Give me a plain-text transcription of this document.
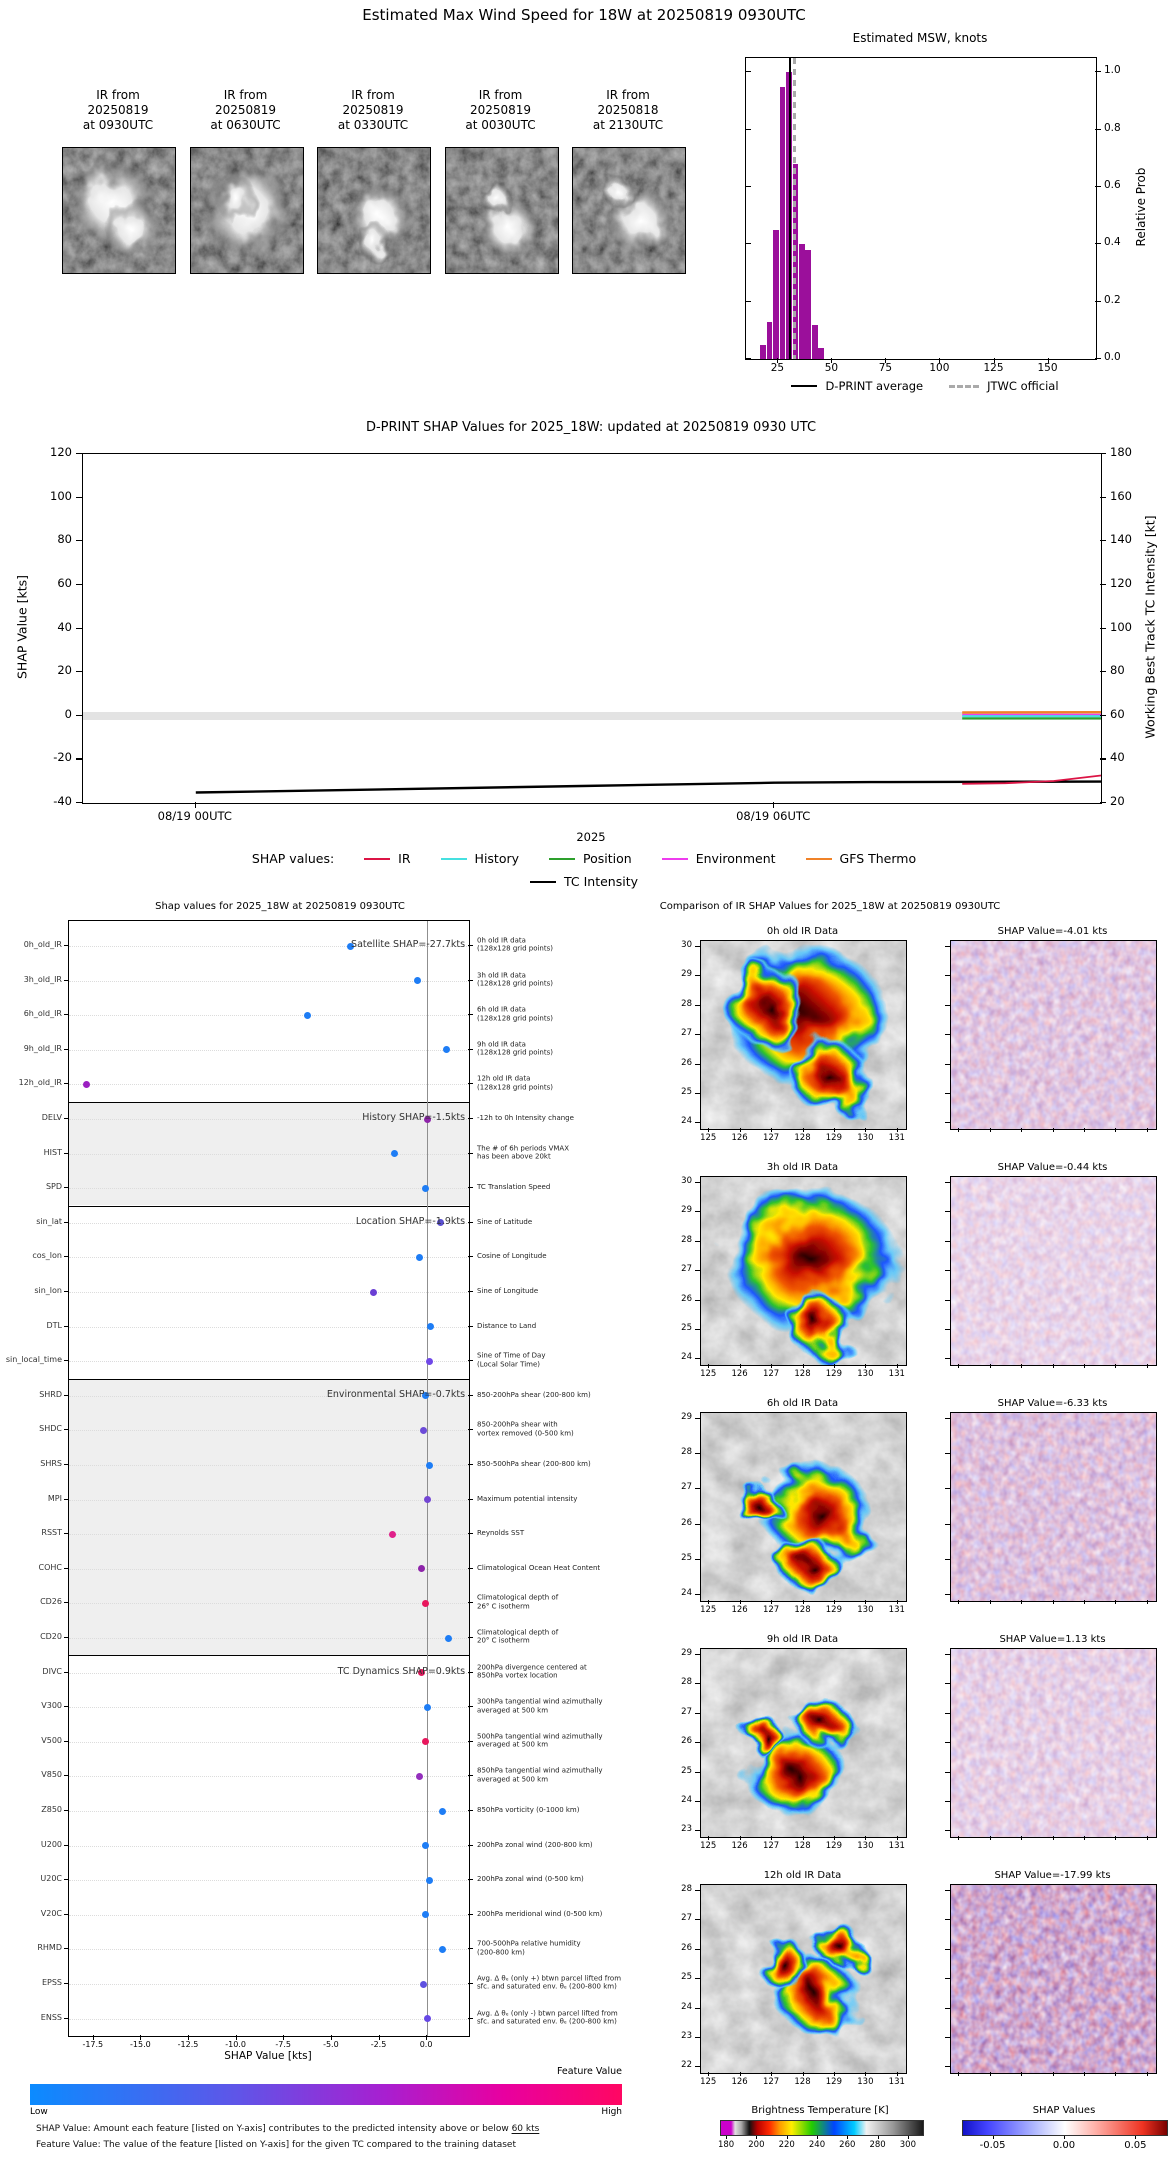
Estimated Max Wind Speed for 18W at 20250819 0930UTC
Estimated MSW, knots
Relative Prob
D-PRINT average	JTWC official
D-PRINT SHAP Values for 2025_18W: updated at 20250819 0930 UTC
SHAP Value [kts]	Working Best Track TC Intensity [kt]
2025
SHAP values:	IR	History	Position	Environment	GFS Thermo
TC Intensity
Shap values for 2025_18W at 20250819 0930UTC
Satellite SHAP=-27.7kts
History SHAP=-1.5kts
Location SHAP=-1.9kts
Environmental SHAP=-0.7kts
TC Dynamics SHAP=0.9kts
SHAP Value [kts]
Feature Value
Low	High
SHAP Value: Amount each feature [listed on Y-axis] contributes to the predicted intensity above or below 60 kts
Feature Value: The value of the feature [listed on Y-axis] for the given TC compared to the training dataset
Comparison of IR SHAP Values for 2025_18W at 20250819 0930UTC
Brightness Temperature [K]	SHAP Values
IR from
20250819
at 0930UTC
IR from
20250819
at 0630UTC
IR from
20250819
at 0330UTC
IR from
20250819
at 0030UTC
IR from
20250818
at 2130UTC
0.0
0.2
0.4
0.6
0.8
1.0
25	50	75	100	125	150
120	180
100	160
80	140
60	120
40	100
20	80
0	60
-20	40
-40	20
08/19 00UTC	08/19 06UTC
0h_old_IR	0h old IR data
(128x128 grid points)
3h_old_IR	3h old IR data
(128x128 grid points)
6h_old_IR	6h old IR data
(128x128 grid points)
9h_old_IR	9h old IR data
(128x128 grid points)
12h_old_IR	12h old IR data
(128x128 grid points)
DELV	-12h to 0h Intensity change
HIST	The # of 6h periods VMAX
has been above 20kt
SPD	TC Translation Speed
sin_lat	Sine of Latitude
cos_lon	Cosine of Longitude
sin_lon	Sine of Longitude
DTL	Distance to Land
sin_local_time	Sine of Time of Day
(Local Solar Time)
SHRD	850-200hPa shear (200-800 km)
SHDC	850-200hPa shear with
vortex removed (0-500 km)
SHRS	850-500hPa shear (200-800 km)
MPI	Maximum potential intensity
RSST	Reynolds SST
COHC	Climatological Ocean Heat Content
CD26	Climatological depth of
26° C isotherm
CD20	Climatological depth of
20° C isotherm
DIVC	200hPa divergence centered at
850hPa vortex location
V300	300hPa tangential wind azimuthally
averaged at 500 km
V500	500hPa tangential wind azimuthally
averaged at 500 km
V850	850hPa tangential wind azimuthally
averaged at 500 km
Z850	850hPa vorticity (0-1000 km)
U200	200hPa zonal wind (200-800 km)
U20C	200hPa zonal wind (0-500 km)
V20C	200hPa meridional wind (0-500 km)
RHMD	700-500hPa relative humidity
(200-800 km)
EPSS	Avg. Δ θₑ (only +) btwn parcel lifted from
sfc. and saturated env. θₑ (200-800 km)
ENSS	Avg. Δ θₑ (only -) btwn parcel lifted from
sfc. and saturated env. θₑ (200-800 km)
-17.5	-15.0	-12.5	-10.0	-7.5	-5.0	-2.5	0.0
0h old IR Data	SHAP Value=-4.01 kts
30
29
28
27
26
25
24
125	126	127	128	129	130	131
3h old IR Data	SHAP Value=-0.44 kts
30
29
28
27
26
25
24
125	126	127	128	129	130	131
6h old IR Data	SHAP Value=-6.33 kts
29
28
27
26
25
24
125	126	127	128	129	130	131
9h old IR Data	SHAP Value=1.13 kts
29
28
27
26
25
24
23
125	126	127	128	129	130	131
12h old IR Data	SHAP Value=-17.99 kts
28
27
26
25
24
23
22
125	126	127	128	129	130	131
180	200	220	240	260	280	300	-0.05	0.00	0.05
